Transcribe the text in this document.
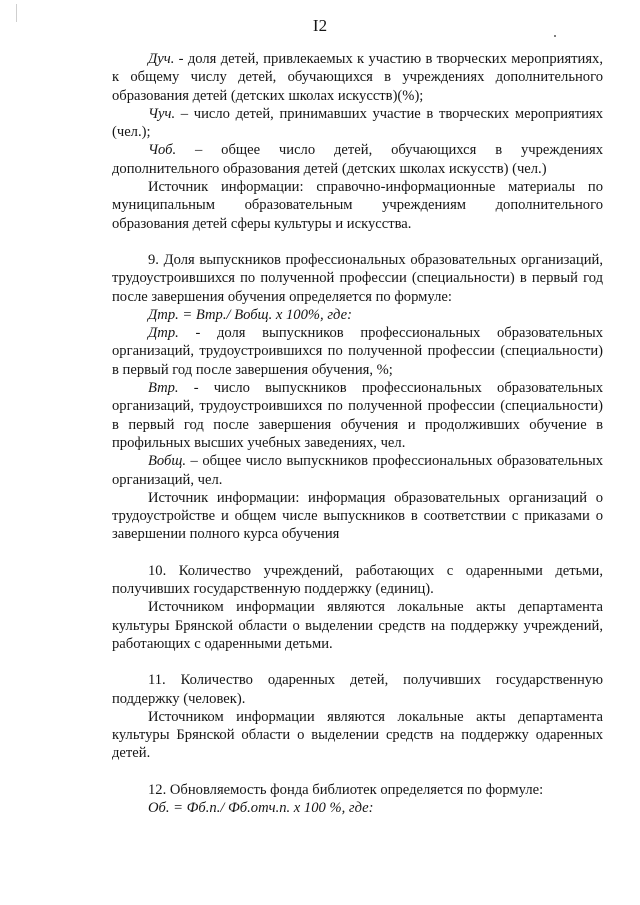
I2

Дуч. - доля детей, привлекаемых к участию в творческих мероприятиях, к общему числу детей, обучающихся в учреждениях дополнительного образования детей (детских школах искусств)(%);

Чуч. – число детей, принимавших участие в творческих мероприятиях (чел.);

Чоб. – общее число детей, обучающихся в учреждениях дополнительного образования детей (детских школах искусств) (чел.)

Источник информации: справочно-информационные материалы по муниципальным образовательным учреждениям дополнительного образования детей сферы культуры и искусства.

9. Доля выпускников профессиональных образовательных организаций, трудоустроившихся по полученной профессии (специальности) в первый год после завершения обучения определяется по формуле:

Дтр. = Втр./ Вобщ. х 100%, где:

Дтр. - доля выпускников профессиональных образовательных организаций, трудоустроившихся по полученной профессии (специальности) в первый год после завершения обучения, %;

Втр. - число выпускников профессиональных образовательных организаций, трудоустроившихся по полученной профессии (специальности) в первый год после завершения обучения и продолживших обучение в профильных высших учебных заведениях, чел.

Вобщ. – общее число выпускников профессиональных образовательных организаций, чел.

Источник информации: информация образовательных организаций о трудоустройстве и общем числе выпускников в соответствии с приказами о завершении полного курса обучения

10. Количество учреждений, работающих с одаренными детьми, получивших государственную поддержку (единиц).

Источником информации являются локальные акты департамента культуры Брянской области о выделении средств на поддержку учреждений, работающих с одаренными детьми.

11. Количество одаренных детей, получивших государственную поддержку (человек).

Источником информации являются локальные акты департамента культуры Брянской области о выделении средств на поддержку одаренных детей.

12. Обновляемость фонда библиотек определяется по формуле:

Об. = Фб.п./ Фб.отч.п. х 100 %, где:
